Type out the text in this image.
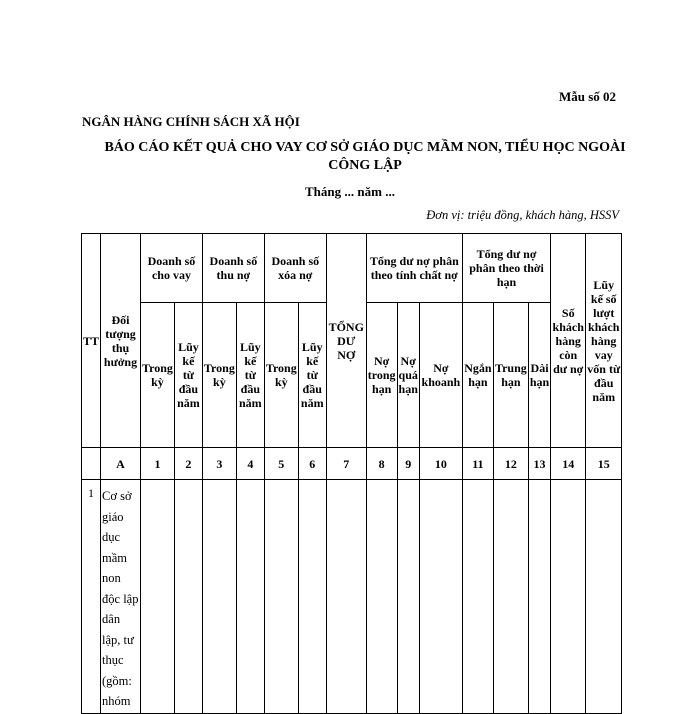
Mẫu số 02
NGÂN HÀNG CHÍNH SÁCH XÃ HỘI
BÁO CÁO KẾT QUẢ CHO VAY CƠ SỞ GIÁO DỤC MẦM NON, TIỂU HỌC NGOÀI CÔNG LẬP
Tháng ... năm ...
Đơn vị: triệu đồng, khách hàng, HSSV
TT	Đối tượng thụ hưởng	Doanh số cho vay		Doanh số thu nợ		Doanh số xóa nợ		TỔNG DƯ NỢ	Tổng dư nợ phân theo tính chất nợ			Tổng dư nợ phân theo thời hạn			Số khách hàng còn dư nợ	Lũy kế số lượt khách hàng vay vốn từ đầu năm
		Trong kỳ	Lũy kế từ đầu năm	Trong kỳ	Lũy kế từ đầu năm	Trong kỳ	Lũy kế từ đầu năm		Nợ trong hạn	Nợ quá hạn	Nợ khoanh	Ngắn hạn	Trung hạn	Dài hạn		
	A	1	2	3	4	5	6	7	8	9	10	11	12	13	14	15
1	Cơ sở giáo dục mầm non độc lập dân lập, tư thục (gồm: nhóm															
